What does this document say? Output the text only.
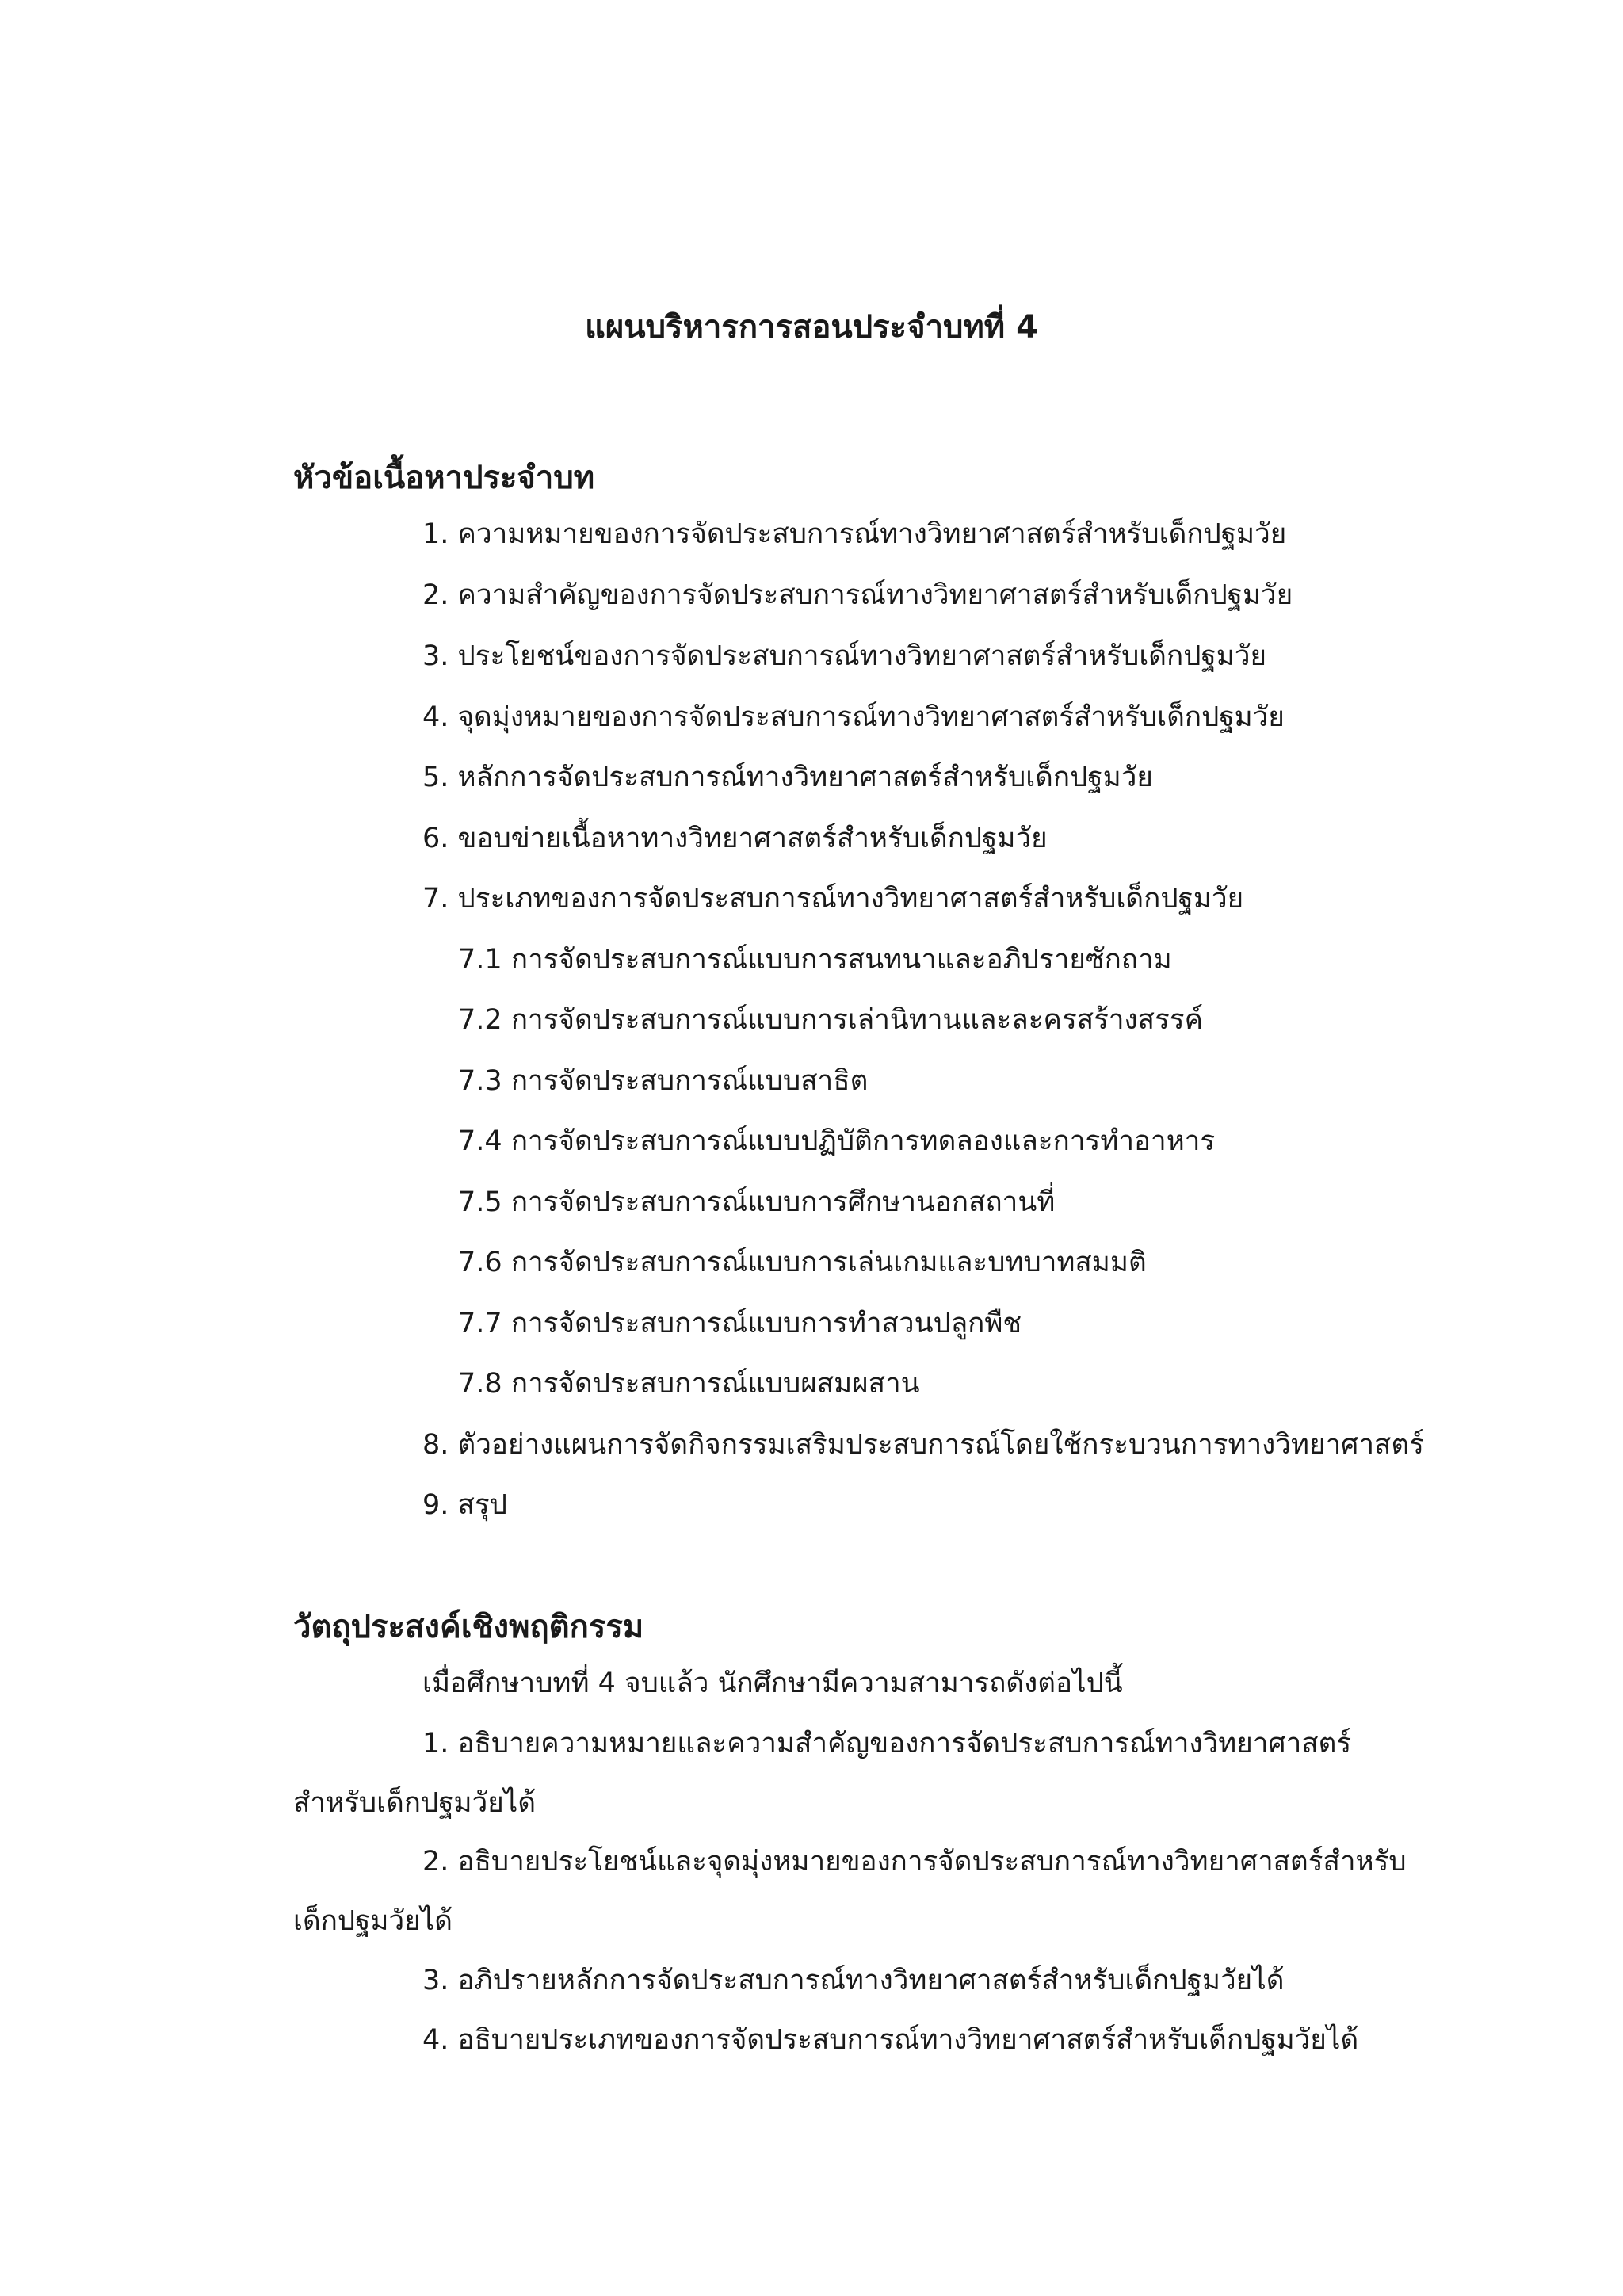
แผนบริหารการสอนประจำบทที่ 4
หัวข้อเนื้อหาประจำบท
1. ความหมายของการจัดประสบการณ์ทางวิทยาศาสตร์สำหรับเด็กปฐมวัย
2. ความสำคัญของการจัดประสบการณ์ทางวิทยาศาสตร์สำหรับเด็กปฐมวัย
3. ประโยชน์ของการจัดประสบการณ์ทางวิทยาศาสตร์สำหรับเด็กปฐมวัย
4. จุดมุ่งหมายของการจัดประสบการณ์ทางวิทยาศาสตร์สำหรับเด็กปฐมวัย
5. หลักการจัดประสบการณ์ทางวิทยาศาสตร์สำหรับเด็กปฐมวัย
6. ขอบข่ายเนื้อหาทางวิทยาศาสตร์สำหรับเด็กปฐมวัย
7. ประเภทของการจัดประสบการณ์ทางวิทยาศาสตร์สำหรับเด็กปฐมวัย
7.1 การจัดประสบการณ์แบบการสนทนาและอภิปรายซักถาม
7.2 การจัดประสบการณ์แบบการเล่านิทานและละครสร้างสรรค์
7.3 การจัดประสบการณ์แบบสาธิต
7.4 การจัดประสบการณ์แบบปฏิบัติการทดลองและการทำอาหาร
7.5 การจัดประสบการณ์แบบการศึกษานอกสถานที่
7.6 การจัดประสบการณ์แบบการเล่นเกมและบทบาทสมมติ
7.7 การจัดประสบการณ์แบบการทำสวนปลูกพืช
7.8 การจัดประสบการณ์แบบผสมผสาน
8. ตัวอย่างแผนการจัดกิจกรรมเสริมประสบการณ์โดยใช้กระบวนการทางวิทยาศาสตร์
9. สรุป
วัตถุประสงค์เชิงพฤติกรรม
เมื่อศึกษาบทที่ 4 จบแล้ว นักศึกษามีความสามารถดังต่อไปนี้
1. อธิบายความหมายและความสำคัญของการจัดประสบการณ์ทางวิทยาศาสตร์
สำหรับเด็กปฐมวัยได้
2. อธิบายประโยชน์และจุดมุ่งหมายของการจัดประสบการณ์ทางวิทยาศาสตร์สำหรับ
เด็กปฐมวัยได้
3. อภิปรายหลักการจัดประสบการณ์ทางวิทยาศาสตร์สำหรับเด็กปฐมวัยได้
4. อธิบายประเภทของการจัดประสบการณ์ทางวิทยาศาสตร์สำหรับเด็กปฐมวัยได้
